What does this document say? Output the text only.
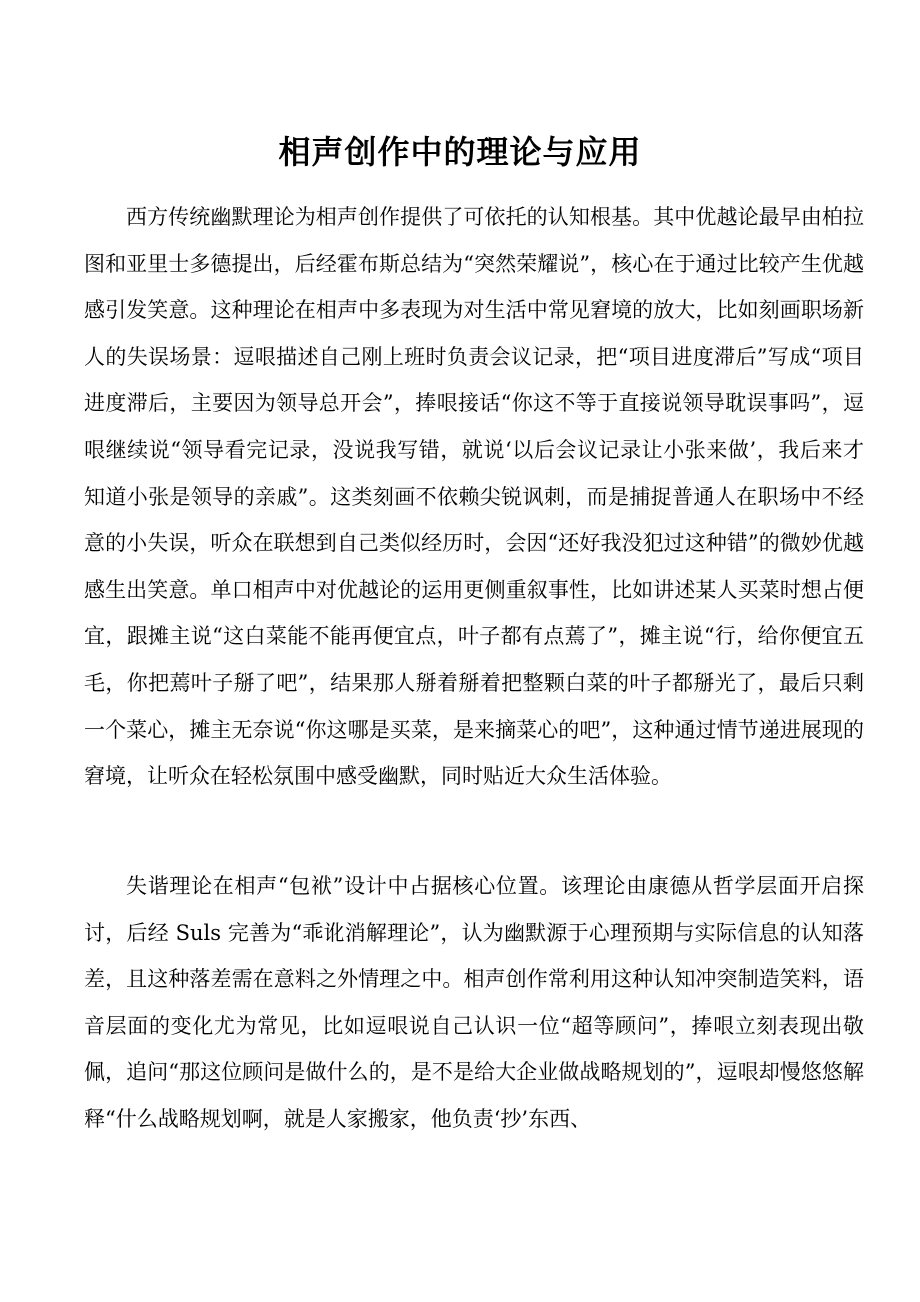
相声创作中的理论与应用

西方传统幽默理论为相声创作提供了可依托的认知根基。其中优越论最早由柏拉图和亚里士多德提出，后经霍布斯总结为“突然荣耀说”，核心在于通过比较产生优越感引发笑意。这种理论在相声中多表现为对生活中常见窘境的放大，比如刻画职场新人的失误场景：逗哏描述自己刚上班时负责会议记录，把“项目进度滞后”写成“项目进度滞后，主要因为领导总开会”，捧哏接话“你这不等于直接说领导耽误事吗”，逗哏继续说“领导看完记录，没说我写错，就说‘以后会议记录让小张来做’，我后来才知道小张是领导的亲戚”。这类刻画不依赖尖锐讽刺，而是捕捉普通人在职场中不经意的小失误，听众在联想到自己类似经历时，会因“还好我没犯过这种错”的微妙优越感生出笑意。单口相声中对优越论的运用更侧重叙事性，比如讲述某人买菜时想占便宜，跟摊主说“这白菜能不能再便宜点，叶子都有点蔫了”，摊主说“行，给你便宜五毛，你把蔫叶子掰了吧”，结果那人掰着掰着把整颗白菜的叶子都掰光了，最后只剩一个菜心，摊主无奈说“你这哪是买菜，是来摘菜心的吧”，这种通过情节递进展现的窘境，让听众在轻松氛围中感受幽默，同时贴近大众生活体验。

失谐理论在相声“包袱”设计中占据核心位置。该理论由康德从哲学层面开启探讨，后经 Suls 完善为“乖讹消解理论”，认为幽默源于心理预期与实际信息的认知落差，且这种落差需在意料之外情理之中。相声创作常利用这种认知冲突制造笑料，语音层面的变化尤为常见，比如逗哏说自己认识一位“超等顾问”，捧哏立刻表现出敬佩，追问“那这位顾问是做什么的，是不是给大企业做战略规划的”，逗哏却慢悠悠解释“什么战略规划啊，就是人家搬家，他负责‘抄’东西、
